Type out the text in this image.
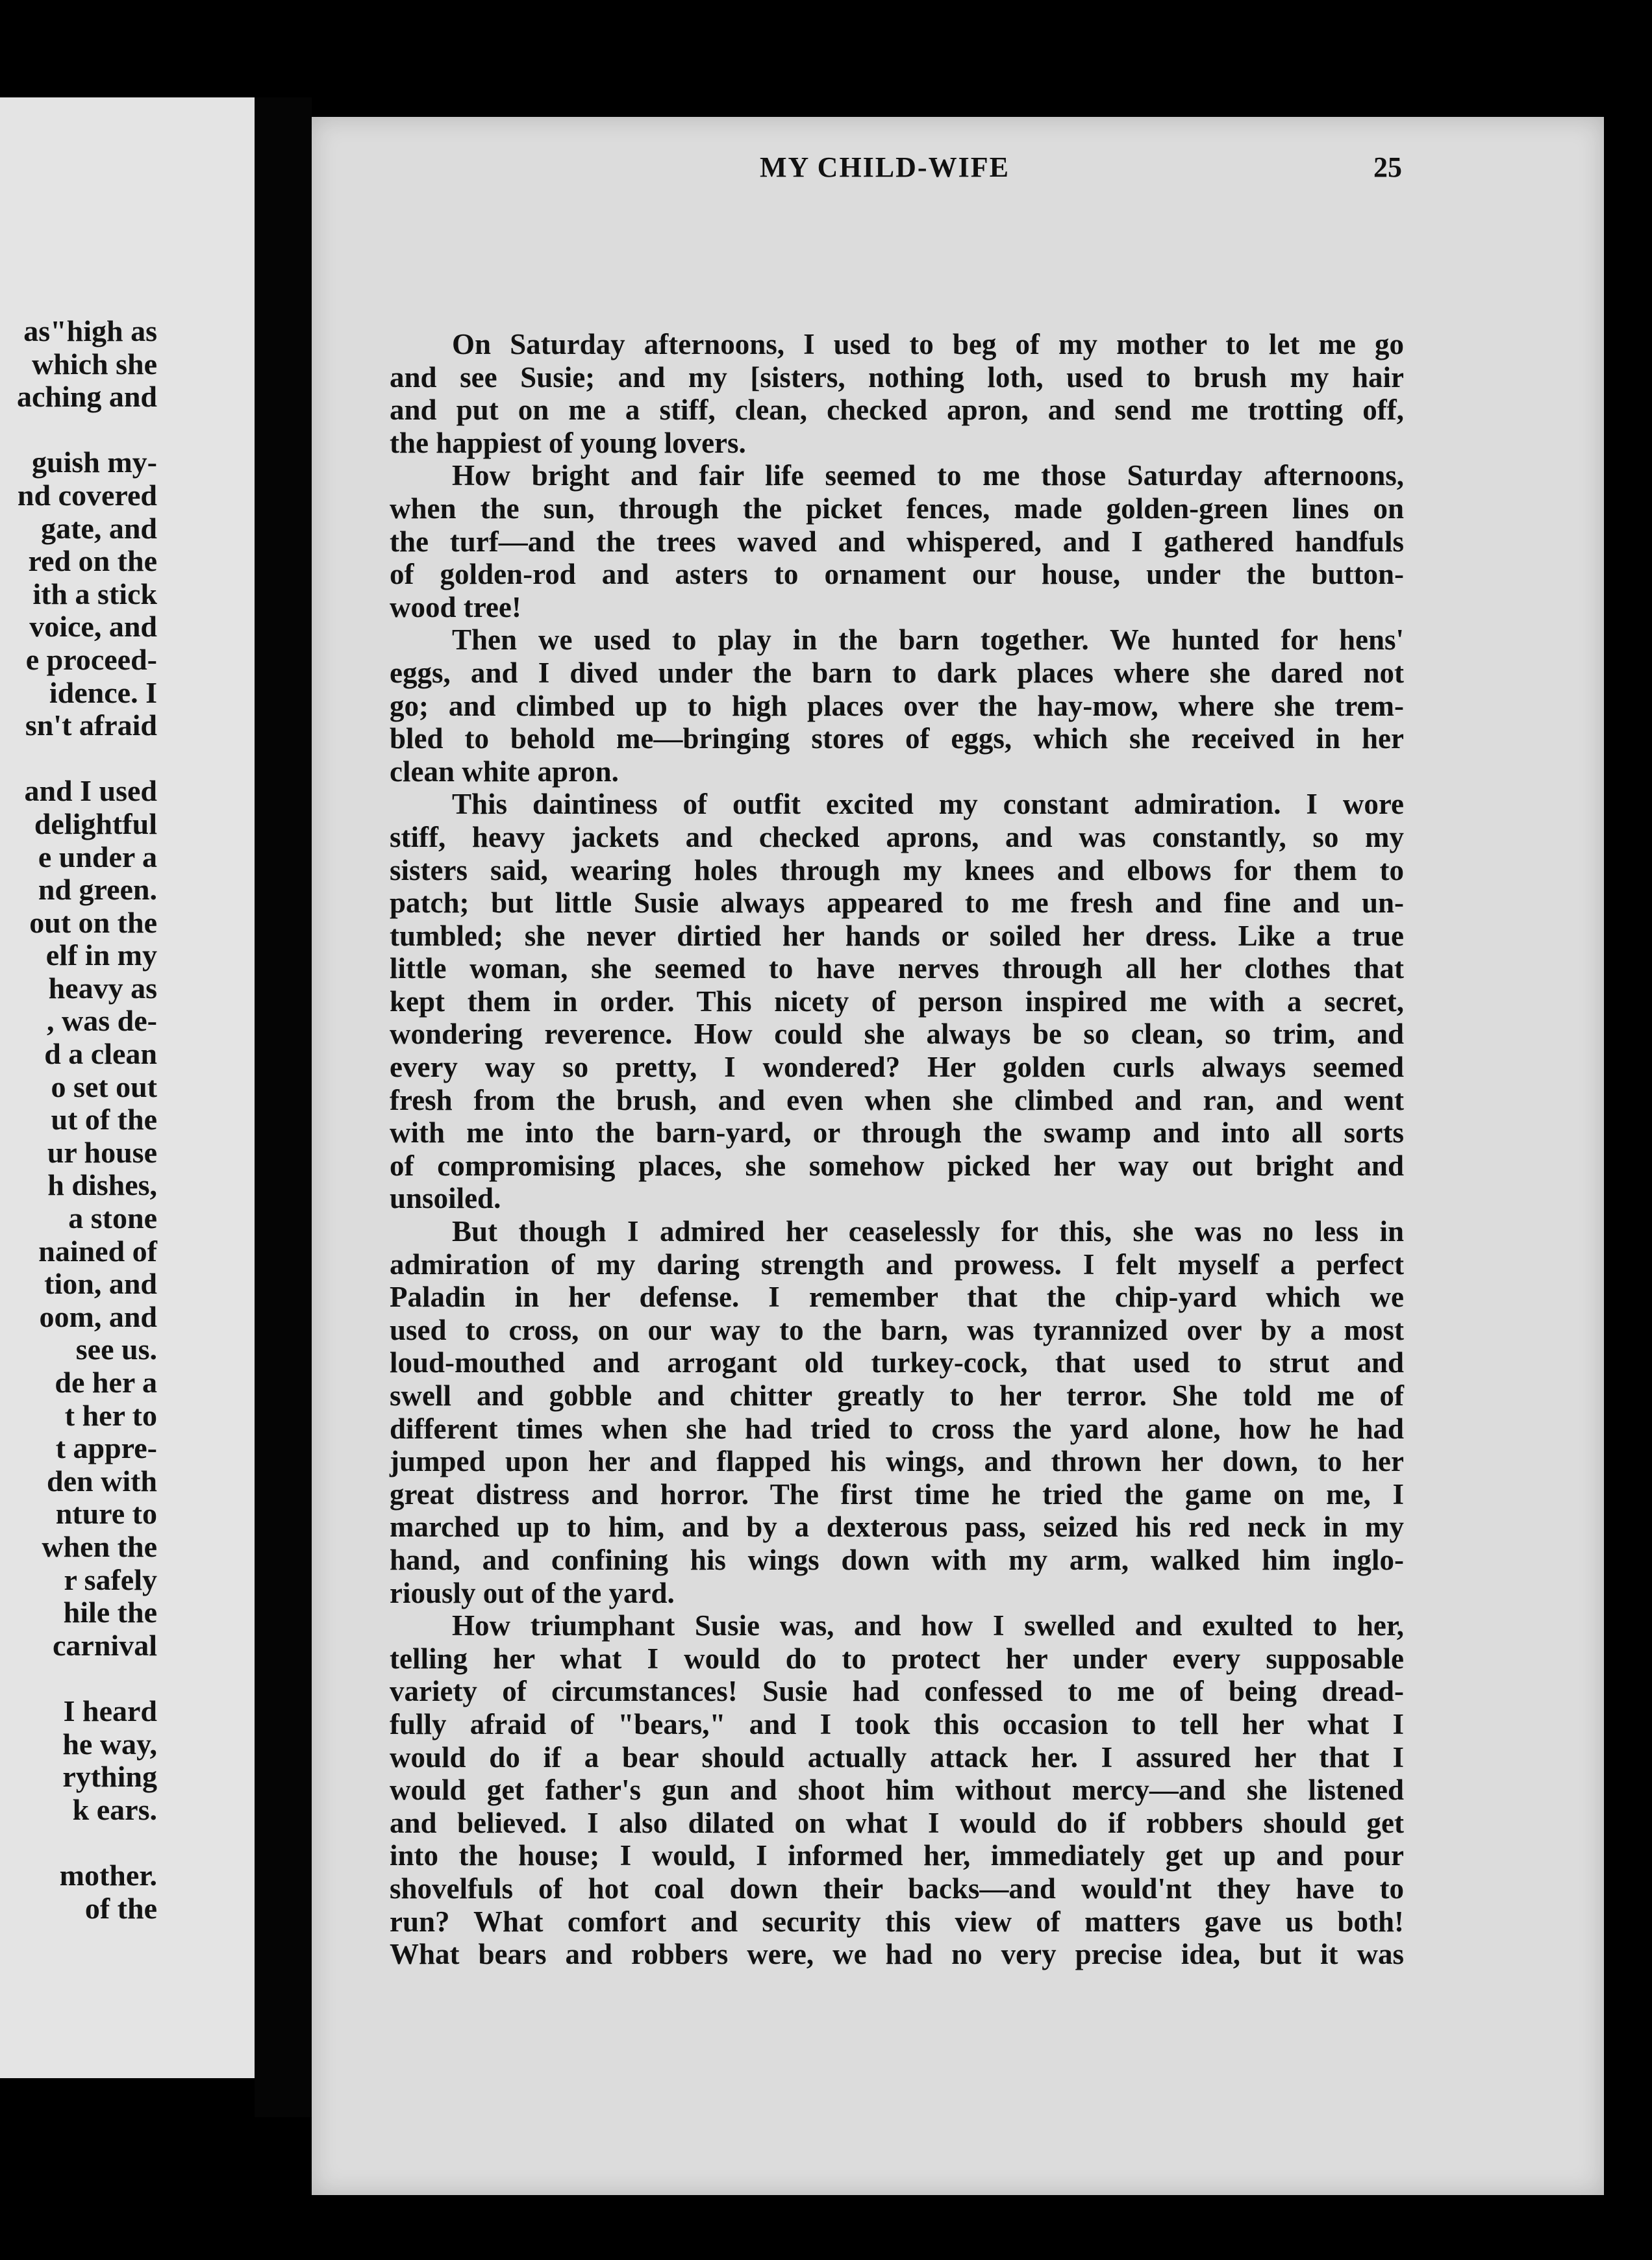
as"high as
which she
aching and
guish my-
nd covered
gate, and
red on the
ith a stick
voice, and
e proceed-
idence. I
sn't afraid
and I used
delightful
e under a
nd green.
out on the
elf in my
heavy as
, was de-
d a clean
o set out
ut of the
ur house
h dishes,
a stone
nained of
tion, and
oom, and
see us.
de her a
t her to
t appre-
den with
nture to
when the
r safely
hile the
carnival
I heard
he way,
rything
k ears.
mother.
of the
MY CHILD-WIFE	25
On Saturday afternoons, I used to beg of my mother to let me go
and see Susie; and my [sisters, nothing loth, used to brush my hair
and put on me a stiff, clean, checked apron, and send me trotting off,
the happiest of young lovers.
How bright and fair life seemed to me those Saturday afternoons,
when the sun, through the picket fences, made golden-green lines on
the turf—and the trees waved and whispered, and I gathered handfuls
of golden-rod and asters to ornament our house, under the button-
wood tree!
Then we used to play in the barn together. We hunted for hens'
eggs, and I dived under the barn to dark places where she dared not
go; and climbed up to high places over the hay-mow, where she trem-
bled to behold me—bringing stores of eggs, which she received in her
clean white apron.
This daintiness of outfit excited my constant admiration. I wore
stiff, heavy jackets and checked aprons, and was constantly, so my
sisters said, wearing holes through my knees and elbows for them to
patch; but little Susie always appeared to me fresh and fine and un-
tumbled; she never dirtied her hands or soiled her dress. Like a true
little woman, she seemed to have nerves through all her clothes that
kept them in order. This nicety of person inspired me with a secret,
wondering reverence. How could she always be so clean, so trim, and
every way so pretty, I wondered? Her golden curls always seemed
fresh from the brush, and even when she climbed and ran, and went
with me into the barn-yard, or through the swamp and into all sorts
of compromising places, she somehow picked her way out bright and
unsoiled.
But though I admired her ceaselessly for this, she was no less in
admiration of my daring strength and prowess. I felt myself a perfect
Paladin in her defense. I remember that the chip-yard which we
used to cross, on our way to the barn, was tyrannized over by a most
loud-mouthed and arrogant old turkey-cock, that used to strut and
swell and gobble and chitter greatly to her terror. She told me of
different times when she had tried to cross the yard alone, how he had
jumped upon her and flapped his wings, and thrown her down, to her
great distress and horror. The first time he tried the game on me, I
marched up to him, and by a dexterous pass, seized his red neck in my
hand, and confining his wings down with my arm, walked him inglo-
riously out of the yard.
How triumphant Susie was, and how I swelled and exulted to her,
telling her what I would do to protect her under every supposable
variety of circumstances! Susie had confessed to me of being dread-
fully afraid of "bears," and I took this occasion to tell her what I
would do if a bear should actually attack her. I assured her that I
would get father's gun and shoot him without mercy—and she listened
and believed. I also dilated on what I would do if robbers should get
into the house; I would, I informed her, immediately get up and pour
shovelfuls of hot coal down their backs—and would'nt they have to
run? What comfort and security this view of matters gave us both!
What bears and robbers were, we had no very precise idea, but it was
